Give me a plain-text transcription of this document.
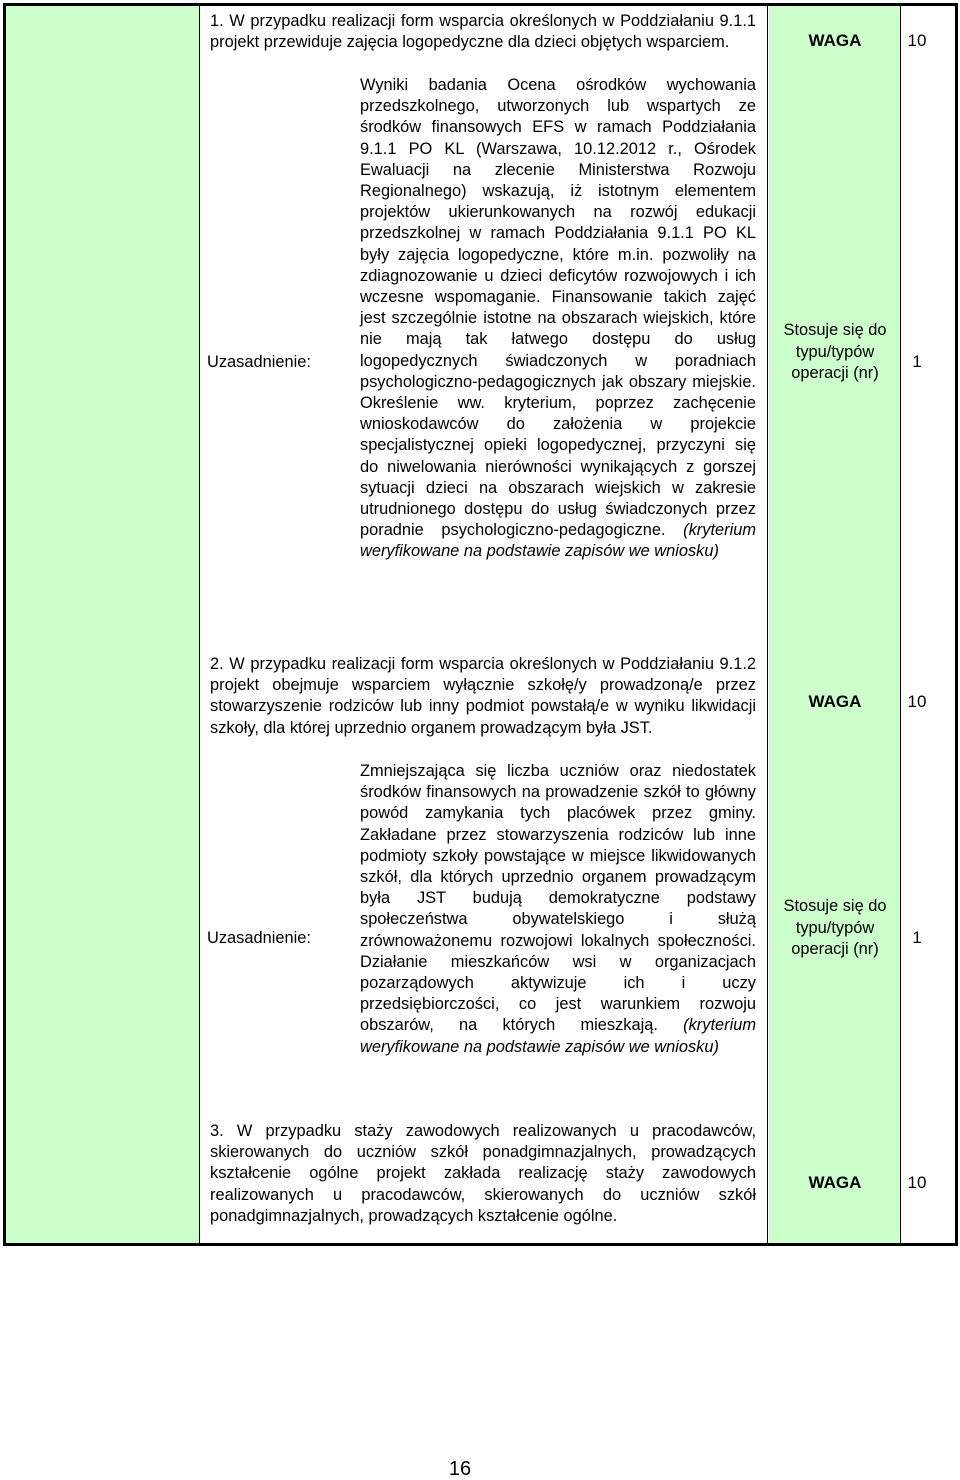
1. W przypadku realizacji form wsparcia określonych w Poddziałaniu 9.1.1 projekt przewiduje zajęcia logopedyczne dla dzieci objętych wsparciem.
Wyniki badania Ocena ośrodków wychowania przedszkolnego, utworzonych lub wspartych ze środków finansowych EFS w ramach Poddziałania 9.1.1 PO KL (Warszawa, 10.12.2012 r., Ośrodek Ewaluacji na zlecenie Ministerstwa Rozwoju Regionalnego) wskazują, iż istotnym elementem projektów ukierunkowanych na rozwój edukacji przedszkolnej w ramach Poddziałania 9.1.1 PO KL były zajęcia logopedyczne, które m.in. pozwoliły na zdiagnozowanie u dzieci deficytów rozwojowych i ich wczesne wspomaganie. Finansowanie takich zajęć jest szczególnie istotne na obszarach wiejskich, które nie mają tak łatwego dostępu do usług logopedycznych świadczonych w poradniach psychologiczno-pedagogicznych jak obszary miejskie. Określenie ww. kryterium, poprzez zachęcenie wnioskodawców do założenia w projekcie specjalistycznej opieki logopedycznej, przyczyni się do niwelowania nierówności wynikających z gorszej sytuacji dzieci na obszarach wiejskich w zakresie utrudnionego dostępu do usług świadczonych przez poradnie psychologiczno-pedagogiczne. (kryterium weryfikowane na podstawie zapisów we wniosku)
2. W przypadku realizacji form wsparcia określonych w Poddziałaniu 9.1.2 projekt obejmuje wsparciem wyłącznie szkołę/y prowadzoną/e przez stowarzyszenie rodziców lub inny podmiot powstałą/e w wyniku likwidacji szkoły, dla której uprzednio organem prowadzącym była JST.
Zmniejszająca się liczba uczniów oraz niedostatek środków finansowych na prowadzenie szkół to główny powód zamykania tych placówek przez gminy. Zakładane przez stowarzyszenia rodziców lub inne podmioty szkoły powstające w miejsce likwidowanych szkół, dla których uprzednio organem prowadzącym była JST budują demokratyczne podstawy społeczeństwa obywatelskiego i służą zrównoważonemu rozwojowi lokalnych społeczności. Działanie mieszkańców wsi w organizacjach pozarządowych aktywizuje ich i uczy przedsiębiorczości, co jest warunkiem rozwoju obszarów, na których mieszkają. (kryterium weryfikowane na podstawie zapisów we wniosku)
3. W przypadku staży zawodowych realizowanych u pracodawców, skierowanych do uczniów szkół ponadgimnazjalnych, prowadzących kształcenie ogólne projekt zakłada realizację staży zawodowych realizowanych u pracodawców, skierowanych do uczniów szkół ponadgimnazjalnych, prowadzących kształcenie ogólne.
Uzasadnienie:
Uzasadnienie:
WAGA
Stosuje się do typu/typów operacji (nr)
WAGA
Stosuje się do typu/typów operacji (nr)
WAGA
10
1
10
1
10
16
